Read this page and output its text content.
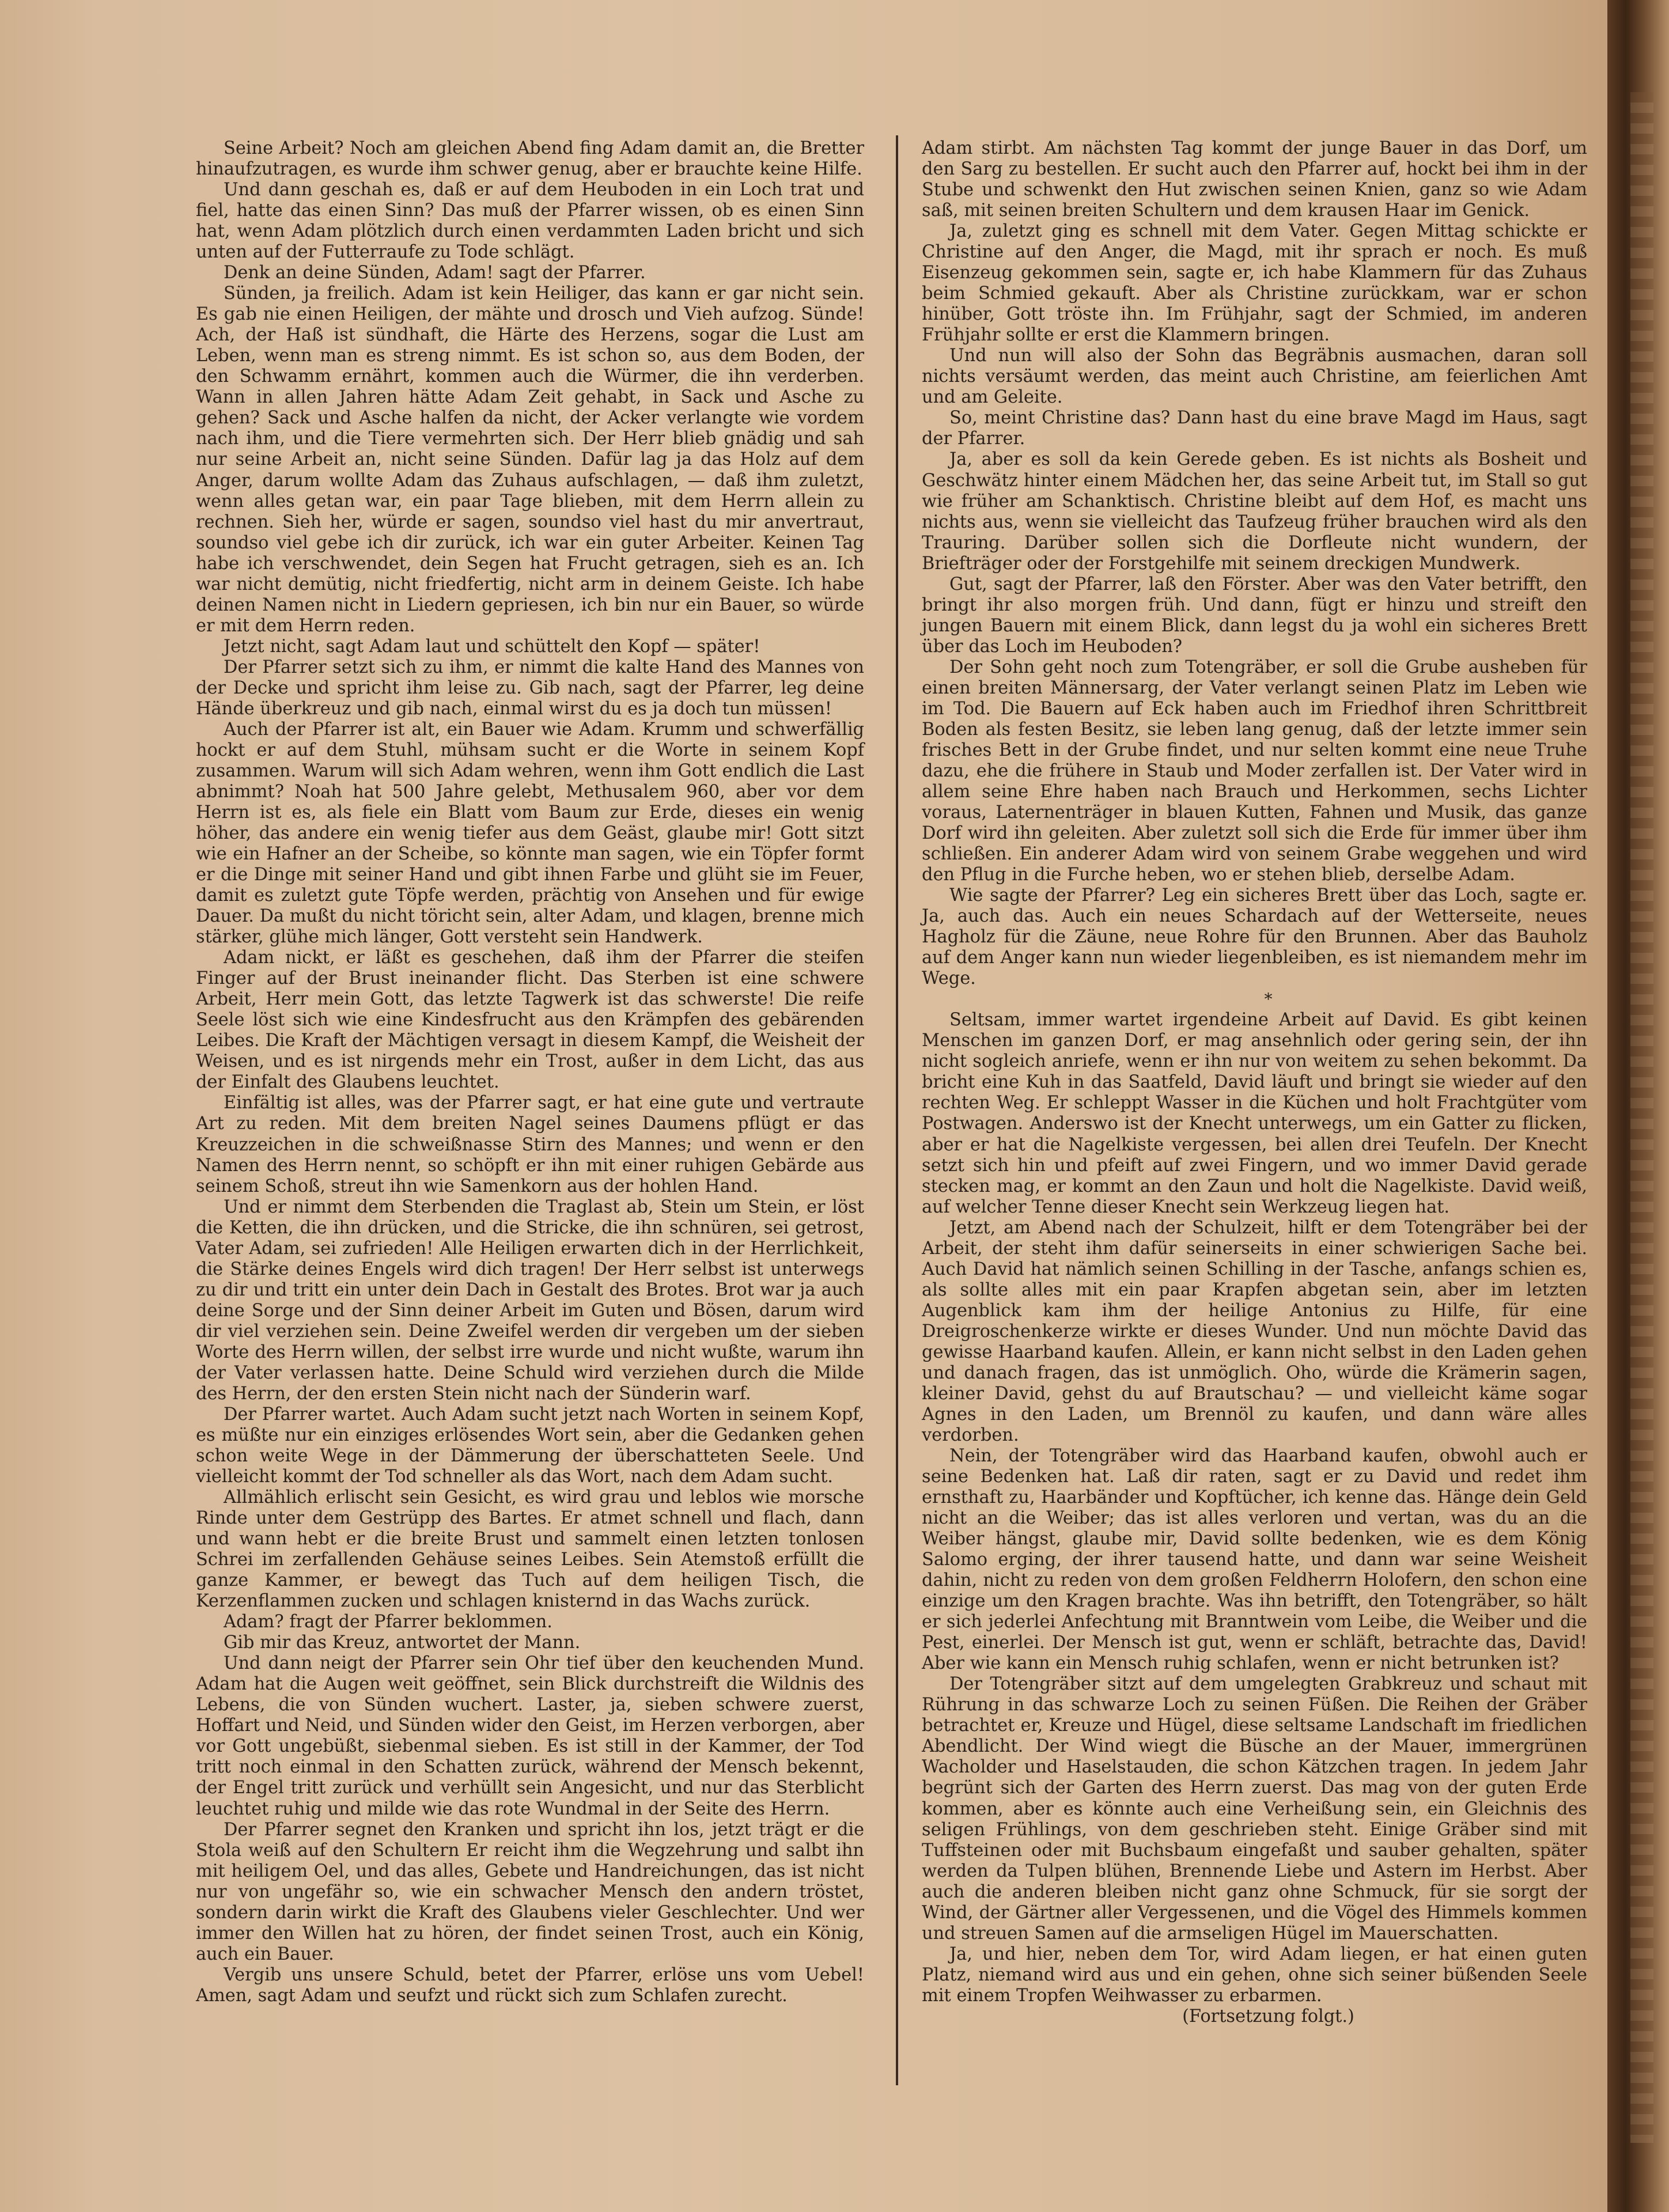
Seine Arbeit? Noch am gleichen Abend fing Adam damit an, die Bretter hinaufzutragen, es wurde ihm schwer genug, aber er brauchte keine Hilfe.

Und dann geschah es, daß er auf dem Heuboden in ein Loch trat und fiel, hatte das einen Sinn? Das muß der Pfarrer wissen, ob es einen Sinn hat, wenn Adam plötzlich durch einen verdammten Laden bricht und sich unten auf der Futterraufe zu Tode schlägt.

Denk an deine Sünden, Adam! sagt der Pfarrer.

Sünden, ja freilich. Adam ist kein Heiliger, das kann er gar nicht sein. Es gab nie einen Heiligen, der mähte und drosch und Vieh aufzog. Sünde! Ach, der Haß ist sündhaft, die Härte des Herzens, sogar die Lust am Leben, wenn man es streng nimmt. Es ist schon so, aus dem Boden, der den Schwamm ernährt, kommen auch die Würmer, die ihn verderben. Wann in allen Jahren hätte Adam Zeit gehabt, in Sack und Asche zu gehen? Sack und Asche halfen da nicht, der Acker verlangte wie vordem nach ihm, und die Tiere vermehrten sich. Der Herr blieb gnädig und sah nur seine Arbeit an, nicht seine Sünden. Dafür lag ja das Holz auf dem Anger, darum wollte Adam das Zuhaus aufschlagen, — daß ihm zuletzt, wenn alles getan war, ein paar Tage blieben, mit dem Herrn allein zu rechnen. Sieh her, würde er sagen, soundso viel hast du mir anvertraut, soundso viel gebe ich dir zurück, ich war ein guter Arbeiter. Keinen Tag habe ich verschwendet, dein Segen hat Frucht getragen, sieh es an. Ich war nicht demütig, nicht friedfertig, nicht arm in deinem Geiste. Ich habe deinen Namen nicht in Liedern gepriesen, ich bin nur ein Bauer, so würde er mit dem Herrn reden.

Jetzt nicht, sagt Adam laut und schüttelt den Kopf — später!

Der Pfarrer setzt sich zu ihm, er nimmt die kalte Hand des Mannes von der Decke und spricht ihm leise zu. Gib nach, sagt der Pfarrer, leg deine Hände überkreuz und gib nach, einmal wirst du es ja doch tun müssen!

Auch der Pfarrer ist alt, ein Bauer wie Adam. Krumm und schwerfällig hockt er auf dem Stuhl, mühsam sucht er die Worte in seinem Kopf zusammen. Warum will sich Adam wehren, wenn ihm Gott endlich die Last abnimmt? Noah hat 500 Jahre gelebt, Methusalem 960, aber vor dem Herrn ist es, als fiele ein Blatt vom Baum zur Erde, dieses ein wenig höher, das andere ein wenig tiefer aus dem Geäst, glaube mir! Gott sitzt wie ein Hafner an der Scheibe, so könnte man sagen, wie ein Töpfer formt er die Dinge mit seiner Hand und gibt ihnen Farbe und glüht sie im Feuer, damit es zuletzt gute Töpfe werden, prächtig von Ansehen und für ewige Dauer. Da mußt du nicht töricht sein, alter Adam, und klagen, brenne mich stärker, glühe mich länger, Gott versteht sein Handwerk.

Adam nickt, er läßt es geschehen, daß ihm der Pfarrer die steifen Finger auf der Brust ineinander flicht. Das Sterben ist eine schwere Arbeit, Herr mein Gott, das letzte Tagwerk ist das schwerste! Die reife Seele löst sich wie eine Kindesfrucht aus den Krämpfen des gebärenden Leibes. Die Kraft der Mächtigen versagt in diesem Kampf, die Weisheit der Weisen, und es ist nirgends mehr ein Trost, außer in dem Licht, das aus der Einfalt des Glaubens leuchtet.

Einfältig ist alles, was der Pfarrer sagt, er hat eine gute und vertraute Art zu reden. Mit dem breiten Nagel seines Daumens pflügt er das Kreuzzeichen in die schweißnasse Stirn des Mannes; und wenn er den Namen des Herrn nennt, so schöpft er ihn mit einer ruhigen Gebärde aus seinem Schoß, streut ihn wie Samenkorn aus der hohlen Hand.

Und er nimmt dem Sterbenden die Traglast ab, Stein um Stein, er löst die Ketten, die ihn drücken, und die Stricke, die ihn schnüren, sei getrost, Vater Adam, sei zufrieden! Alle Heiligen erwarten dich in der Herrlichkeit, die Stärke deines Engels wird dich tragen! Der Herr selbst ist unterwegs zu dir und tritt ein unter dein Dach in Gestalt des Brotes. Brot war ja auch deine Sorge und der Sinn deiner Arbeit im Guten und Bösen, darum wird dir viel verziehen sein. Deine Zweifel werden dir vergeben um der sieben Worte des Herrn willen, der selbst irre wurde und nicht wußte, warum ihn der Vater verlassen hatte. Deine Schuld wird verziehen durch die Milde des Herrn, der den ersten Stein nicht nach der Sünderin warf.

Der Pfarrer wartet. Auch Adam sucht jetzt nach Worten in seinem Kopf, es müßte nur ein einziges erlösendes Wort sein, aber die Gedanken gehen schon weite Wege in der Dämmerung der überschatteten Seele. Und vielleicht kommt der Tod schneller als das Wort, nach dem Adam sucht.

Allmählich erlischt sein Gesicht, es wird grau und leblos wie morsche Rinde unter dem Gestrüpp des Bartes. Er atmet schnell und flach, dann und wann hebt er die breite Brust und sammelt einen letzten tonlosen Schrei im zerfallenden Gehäuse seines Leibes. Sein Atemstoß erfüllt die ganze Kammer, er bewegt das Tuch auf dem heiligen Tisch, die Kerzenflammen zucken und schlagen knisternd in das Wachs zurück.

Adam? fragt der Pfarrer beklommen.

Gib mir das Kreuz, antwortet der Mann.

Und dann neigt der Pfarrer sein Ohr tief über den keuchenden Mund. Adam hat die Augen weit geöffnet, sein Blick durchstreift die Wildnis des Lebens, die von Sünden wuchert. Laster, ja, sieben schwere zuerst, Hoffart und Neid, und Sünden wider den Geist, im Herzen verborgen, aber vor Gott ungebüßt, siebenmal sieben. Es ist still in der Kammer, der Tod tritt noch einmal in den Schatten zurück, während der Mensch bekennt, der Engel tritt zurück und verhüllt sein Angesicht, und nur das Sterblicht leuchtet ruhig und milde wie das rote Wundmal in der Seite des Herrn.

Der Pfarrer segnet den Kranken und spricht ihn los, jetzt trägt er die Stola weiß auf den Schultern Er reicht ihm die Wegzehrung und salbt ihn mit heiligem Oel, und das alles, Gebete und Handreichungen, das ist nicht nur von ungefähr so, wie ein schwacher Mensch den andern tröstet, sondern darin wirkt die Kraft des Glaubens vieler Geschlechter. Und wer immer den Willen hat zu hören, der findet seinen Trost, auch ein König, auch ein Bauer.

Vergib uns unsere Schuld, betet der Pfarrer, erlöse uns vom Uebel! Amen, sagt Adam und seufzt und rückt sich zum Schlafen zurecht.

Adam stirbt. Am nächsten Tag kommt der junge Bauer in das Dorf, um den Sarg zu bestellen. Er sucht auch den Pfarrer auf, hockt bei ihm in der Stube und schwenkt den Hut zwischen seinen Knien, ganz so wie Adam saß, mit seinen breiten Schultern und dem krausen Haar im Genick.

Ja, zuletzt ging es schnell mit dem Vater. Gegen Mittag schickte er Christine auf den Anger, die Magd, mit ihr sprach er noch. Es muß Eisenzeug gekommen sein, sagte er, ich habe Klammern für das Zuhaus beim Schmied gekauft. Aber als Christine zurückkam, war er schon hinüber, Gott tröste ihn. Im Frühjahr, sagt der Schmied, im anderen Frühjahr sollte er erst die Klammern bringen.

Und nun will also der Sohn das Begräbnis ausmachen, daran soll nichts versäumt werden, das meint auch Christine, am feierlichen Amt und am Geleite.

So, meint Christine das? Dann hast du eine brave Magd im Haus, sagt der Pfarrer.

Ja, aber es soll da kein Gerede geben. Es ist nichts als Bosheit und Geschwätz hinter einem Mädchen her, das seine Arbeit tut, im Stall so gut wie früher am Schanktisch. Christine bleibt auf dem Hof, es macht uns nichts aus, wenn sie vielleicht das Taufzeug früher brauchen wird als den Trauring. Darüber sollen sich die Dorfleute nicht wundern, der Briefträger oder der Forstgehilfe mit seinem dreckigen Mundwerk.

Gut, sagt der Pfarrer, laß den Förster. Aber was den Vater betrifft, den bringt ihr also morgen früh. Und dann, fügt er hinzu und streift den jungen Bauern mit einem Blick, dann legst du ja wohl ein sicheres Brett über das Loch im Heuboden?

Der Sohn geht noch zum Totengräber, er soll die Grube ausheben für einen breiten Männersarg, der Vater verlangt seinen Platz im Leben wie im Tod. Die Bauern auf Eck haben auch im Friedhof ihren Schrittbreit Boden als festen Besitz, sie leben lang genug, daß der letzte immer sein frisches Bett in der Grube findet, und nur selten kommt eine neue Truhe dazu, ehe die frühere in Staub und Moder zerfallen ist. Der Vater wird in allem seine Ehre haben nach Brauch und Herkommen, sechs Lichter voraus, Laternenträger in blauen Kutten, Fahnen und Musik, das ganze Dorf wird ihn geleiten. Aber zuletzt soll sich die Erde für immer über ihm schließen. Ein anderer Adam wird von seinem Grabe weggehen und wird den Pflug in die Furche heben, wo er stehen blieb, derselbe Adam.

Wie sagte der Pfarrer? Leg ein sicheres Brett über das Loch, sagte er. Ja, auch das. Auch ein neues Schardach auf der Wetterseite, neues Hagholz für die Zäune, neue Rohre für den Brunnen. Aber das Bauholz auf dem Anger kann nun wieder liegenbleiben, es ist niemandem mehr im Wege.

*

Seltsam, immer wartet irgendeine Arbeit auf David. Es gibt keinen Menschen im ganzen Dorf, er mag ansehnlich oder gering sein, der ihn nicht sogleich anriefe, wenn er ihn nur von weitem zu sehen bekommt. Da bricht eine Kuh in das Saatfeld, David läuft und bringt sie wieder auf den rechten Weg. Er schleppt Wasser in die Küchen und holt Frachtgüter vom Postwagen. Anderswo ist der Knecht unterwegs, um ein Gatter zu flicken, aber er hat die Nagelkiste vergessen, bei allen drei Teufeln. Der Knecht setzt sich hin und pfeift auf zwei Fingern, und wo immer David gerade stecken mag, er kommt an den Zaun und holt die Nagelkiste. David weiß, auf welcher Tenne dieser Knecht sein Werkzeug liegen hat.

Jetzt, am Abend nach der Schulzeit, hilft er dem Totengräber bei der Arbeit, der steht ihm dafür seinerseits in einer schwierigen Sache bei. Auch David hat nämlich seinen Schilling in der Tasche, anfangs schien es, als sollte alles mit ein paar Krapfen abgetan sein, aber im letzten Augenblick kam ihm der heilige Antonius zu Hilfe, für eine Dreigroschenkerze wirkte er dieses Wunder. Und nun möchte David das gewisse Haarband kaufen. Allein, er kann nicht selbst in den Laden gehen und danach fragen, das ist unmöglich. Oho, würde die Krämerin sagen, kleiner David, gehst du auf Brautschau? — und vielleicht käme sogar Agnes in den Laden, um Brennöl zu kaufen, und dann wäre alles verdorben.

Nein, der Totengräber wird das Haarband kaufen, obwohl auch er seine Bedenken hat. Laß dir raten, sagt er zu David und redet ihm ernsthaft zu, Haarbänder und Kopftücher, ich kenne das. Hänge dein Geld nicht an die Weiber; das ist alles verloren und vertan, was du an die Weiber hängst, glaube mir, David sollte bedenken, wie es dem König Salomo erging, der ihrer tausend hatte, und dann war seine Weisheit dahin, nicht zu reden von dem großen Feldherrn Holofern, den schon eine einzige um den Kragen brachte. Was ihn betrifft, den Totengräber, so hält er sich jederlei Anfechtung mit Branntwein vom Leibe, die Weiber und die Pest, einerlei. Der Mensch ist gut, wenn er schläft, betrachte das, David! Aber wie kann ein Mensch ruhig schlafen, wenn er nicht betrunken ist?

Der Totengräber sitzt auf dem umgelegten Grabkreuz und schaut mit Rührung in das schwarze Loch zu seinen Füßen. Die Reihen der Gräber betrachtet er, Kreuze und Hügel, diese seltsame Landschaft im friedlichen Abendlicht. Der Wind wiegt die Büsche an der Mauer, immergrünen Wacholder und Haselstauden, die schon Kätzchen tragen. In jedem Jahr begrünt sich der Garten des Herrn zuerst. Das mag von der guten Erde kommen, aber es könnte auch eine Verheißung sein, ein Gleichnis des seligen Frühlings, von dem geschrieben steht. Einige Gräber sind mit Tuffsteinen oder mit Buchsbaum eingefaßt und sauber gehalten, später werden da Tulpen blühen, Brennende Liebe und Astern im Herbst. Aber auch die anderen bleiben nicht ganz ohne Schmuck, für sie sorgt der Wind, der Gärtner aller Vergessenen, und die Vögel des Himmels kommen und streuen Samen auf die armseligen Hügel im Mauerschatten.

Ja, und hier, neben dem Tor, wird Adam liegen, er hat einen guten Platz, niemand wird aus und ein gehen, ohne sich seiner büßenden Seele mit einem Tropfen Weihwasser zu erbarmen.

(Fortsetzung folgt.)
